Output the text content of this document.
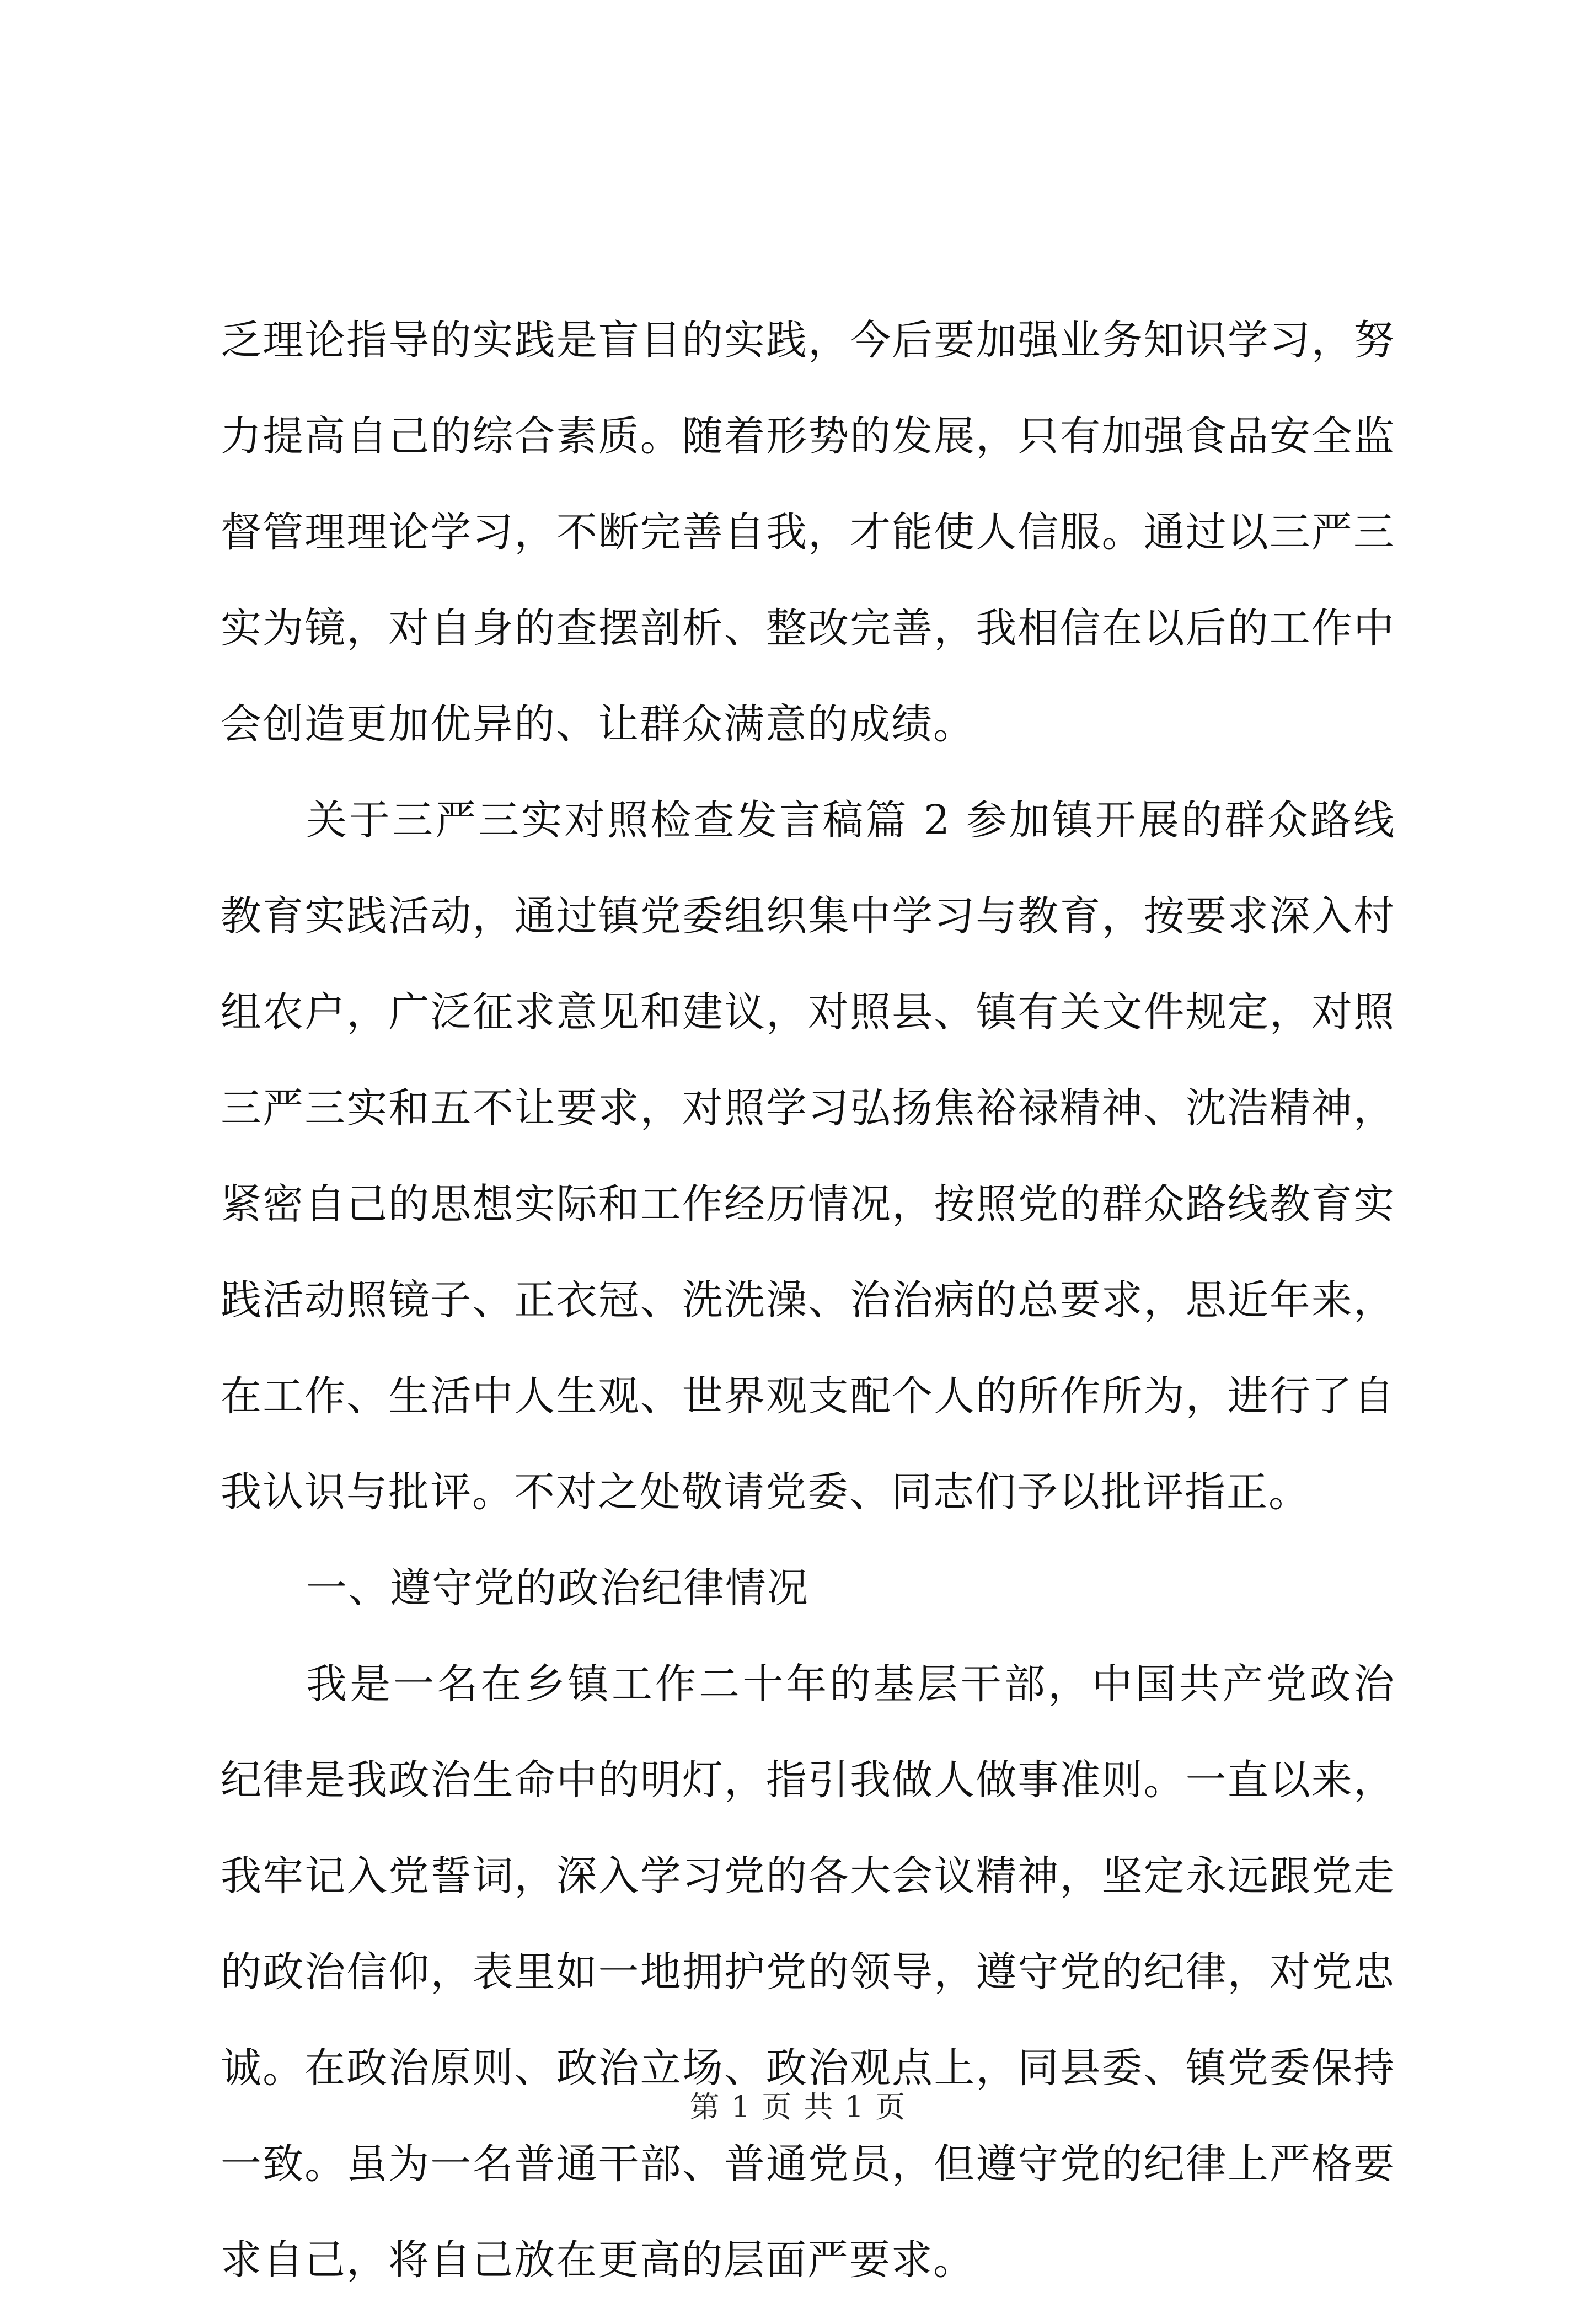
乏理论指导的实践是盲目的实践，今后要加强业务知识学习，努力提高自己的综合素质。随着形势的发展，只有加强食品安全监督管理理论学习，不断完善自我，才能使人信服。通过以三严三实为镜，对自身的查摆剖析、整改完善，我相信在以后的工作中会创造更加优异的、让群众满意的成绩。

关于三严三实对照检查发言稿篇 2 参加镇开展的群众路线教育实践活动，通过镇党委组织集中学习与教育，按要求深入村组农户，广泛征求意见和建议，对照县、镇有关文件规定，对照三严三实和五不让要求，对照学习弘扬焦裕禄精神、沈浩精神，紧密自己的思想实际和工作经历情况，按照党的群众路线教育实践活动照镜子、正衣冠、洗洗澡、治治病的总要求，思近年来，在工作、生活中人生观、世界观支配个人的所作所为，进行了自我认识与批评。不对之处敬请党委、同志们予以批评指正。

一、遵守党的政治纪律情况

我是一名在乡镇工作二十年的基层干部，中国共产党政治纪律是我政治生命中的明灯，指引我做人做事准则。一直以来，我牢记入党誓词，深入学习党的各大会议精神，坚定永远跟党走的政治信仰，表里如一地拥护党的领导，遵守党的纪律，对党忠诚。在政治原则、政治立场、政治观点上，同县委、镇党委保持一致。虽为一名普通干部、普通党员，但遵守党的纪律上严格要求自己，将自己放在更高的层面严要求。

第 1 页 共 1 页
